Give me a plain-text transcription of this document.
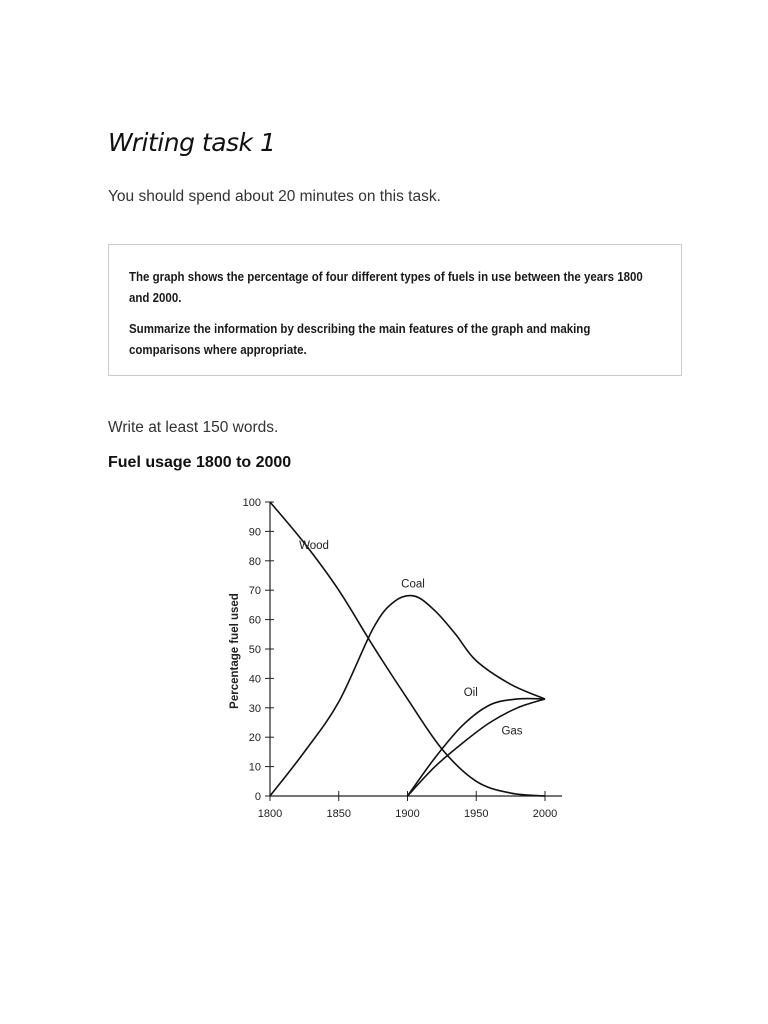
Writing task 1
You should spend about 20 minutes on this task.

The graph shows the percentage of four different types of fuels in use between the years 1800 and 2000.

Summarize the information by describing the main features of the graph and making comparisons where appropriate.

Write at least 150 words.
Fuel usage 1800 to 2000
0
10
20
30
40
50
60
70
80
90
100
1800	1850	1900	1950	2000
Percentage fuel used
Wood
Coal
Oil
Gas
